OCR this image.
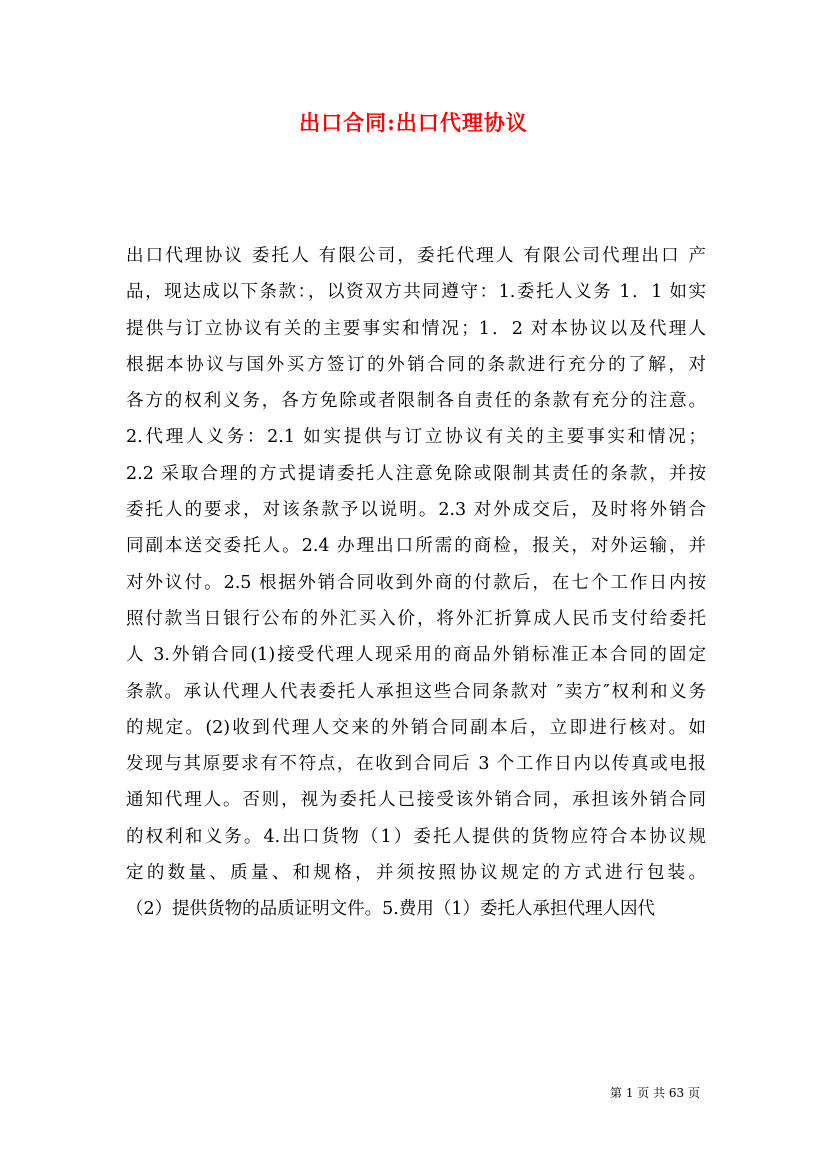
出口合同:出口代理协议
出口代理协议 委托人 有限公司，委托代理人 有限公司代理出口 产
品，现达成以下条款：，以资双方共同遵守：1.委托人义务 1．1 如实
提供与订立协议有关的主要事实和情况；1．2 对本协议以及代理人
根据本协议与国外买方签订的外销合同的条款进行充分的了解，对
各方的权利义务，各方免除或者限制各自责任的条款有充分的注意。
2.代理人义务：2.1 如实提供与订立协议有关的主要事实和情况；
2.2 采取合理的方式提请委托人注意免除或限制其责任的条款，并按
委托人的要求，对该条款予以说明。2.3 对外成交后，及时将外销合
同副本送交委托人。2.4 办理出口所需的商检，报关，对外运输，并
对外议付。2.5 根据外销合同收到外商的付款后，在七个工作日内按
照付款当日银行公布的外汇买入价，将外汇折算成人民币支付给委托
人 3.外销合同(1)接受代理人现采用的商品外销标准正本合同的固定
条款。承认代理人代表委托人承担这些合同条款对 ″卖方″权利和义务
的规定。(2)收到代理人交来的外销合同副本后，立即进行核对。如
发现与其原要求有不符点，在收到合同后 3 个工作日内以传真或电报
通知代理人。否则，视为委托人已接受该外销合同，承担该外销合同
的权利和义务。4.出口货物（1）委托人提供的货物应符合本协议规
定的数量、质量、和规格，并须按照协议规定的方式进行包装。
（2）提供货物的品质证明文件。5.费用（1）委托人承担代理人因代
第 1 页 共 63 页
